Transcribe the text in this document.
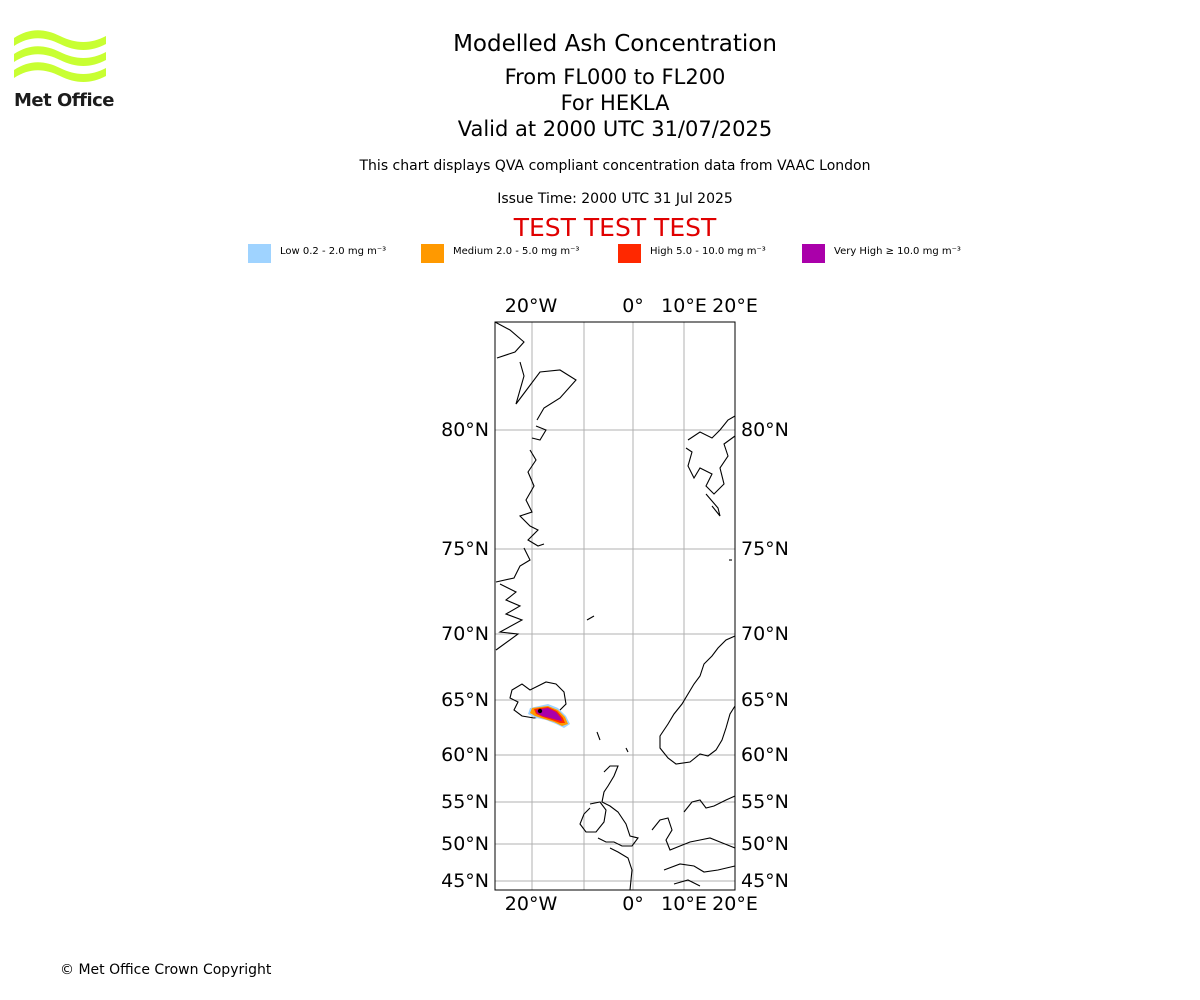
Met Office
Modelled Ash Concentration
From FL000 to FL200
For HEKLA
Valid at 2000 UTC 31/07/2025
This chart displays QVA compliant concentration data from VAAC London
Issue Time: 2000 UTC 31 Jul 2025
TEST TEST TEST
Low 0.2 - 2.0 mg m⁻³	Medium 2.0 - 5.0 mg m⁻³	High 5.0 - 10.0 mg m⁻³	Very High ≥ 10.0 mg m⁻³
20°W	0° 10°E 20°E
20°W	0° 10°E 20°E
80°N
75°N
70°N
65°N
60°N
55°N
50°N
45°N
80°N
75°N
70°N
65°N
60°N
55°N
50°N
45°N
© Met Office Crown Copyright
